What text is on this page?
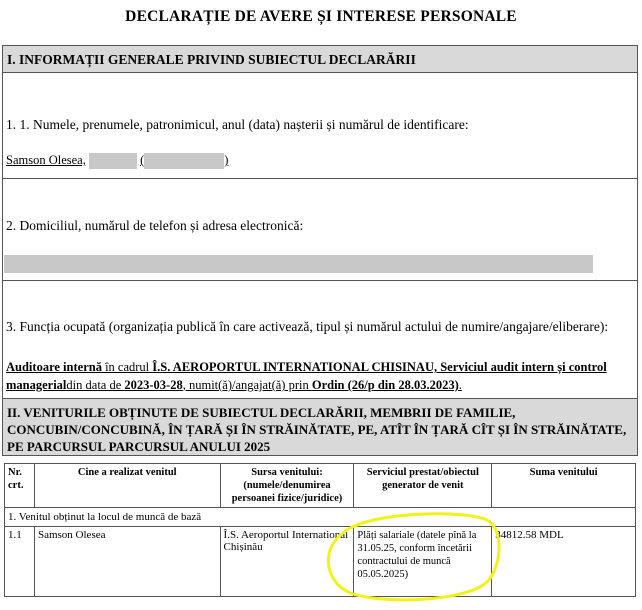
DECLARAȚIE DE AVERE ȘI INTERESE PERSONALE
I. INFORMAȚII GENERALE PRIVIND SUBIECTUL DECLARĂRII
1. 1. Numele, prenumele, patronimicul, anul (data) nașterii și numărul de identificare:
Samson Olesea,	(	)
2. Domiciliul, numărul de telefon și adresa electronică:
3. Funcția ocupată (organizația publică în care activează, tipul și numărul actului de numire/angajare/eliberare):
Auditoare internă în cadrul Î.S. AEROPORTUL INTERNATIONAL CHISINAU, Serviciul audit intern și control
managerialdin data de 2023-03-28, numit(ă)/angajat(ă) prin Ordin (26/p din 28.03.2023).
II. VENITURILE OBȚINUTE DE SUBIECTUL DECLARĂRII, MEMBRII DE FAMILIE,
CONCUBIN/CONCUBINĂ, ÎN ȚARĂ ȘI ÎN STRĂINĂTATE, PE, ATÎT ÎN ȚARĂ CÎT ȘI ÎN STRĂINĂTATE,
PE PARCURSUL PARCURSUL ANULUI 2025
Nr. crt.	Cine a realizat venitul	Sursa venitului: (numele/denumirea persoanei fizice/juridice)	Serviciul prestat/obiectul generator de venit	Suma venitului
1. Venitul obținut la locul de muncă de bază				
1.1	Samson Olesea	Î.S. Aeroportul International Chișinău	Plăți salariale (datele pînă la 31.05.25, conform încetării contractului de muncă 05.05.2025)	34812.58 MDL
